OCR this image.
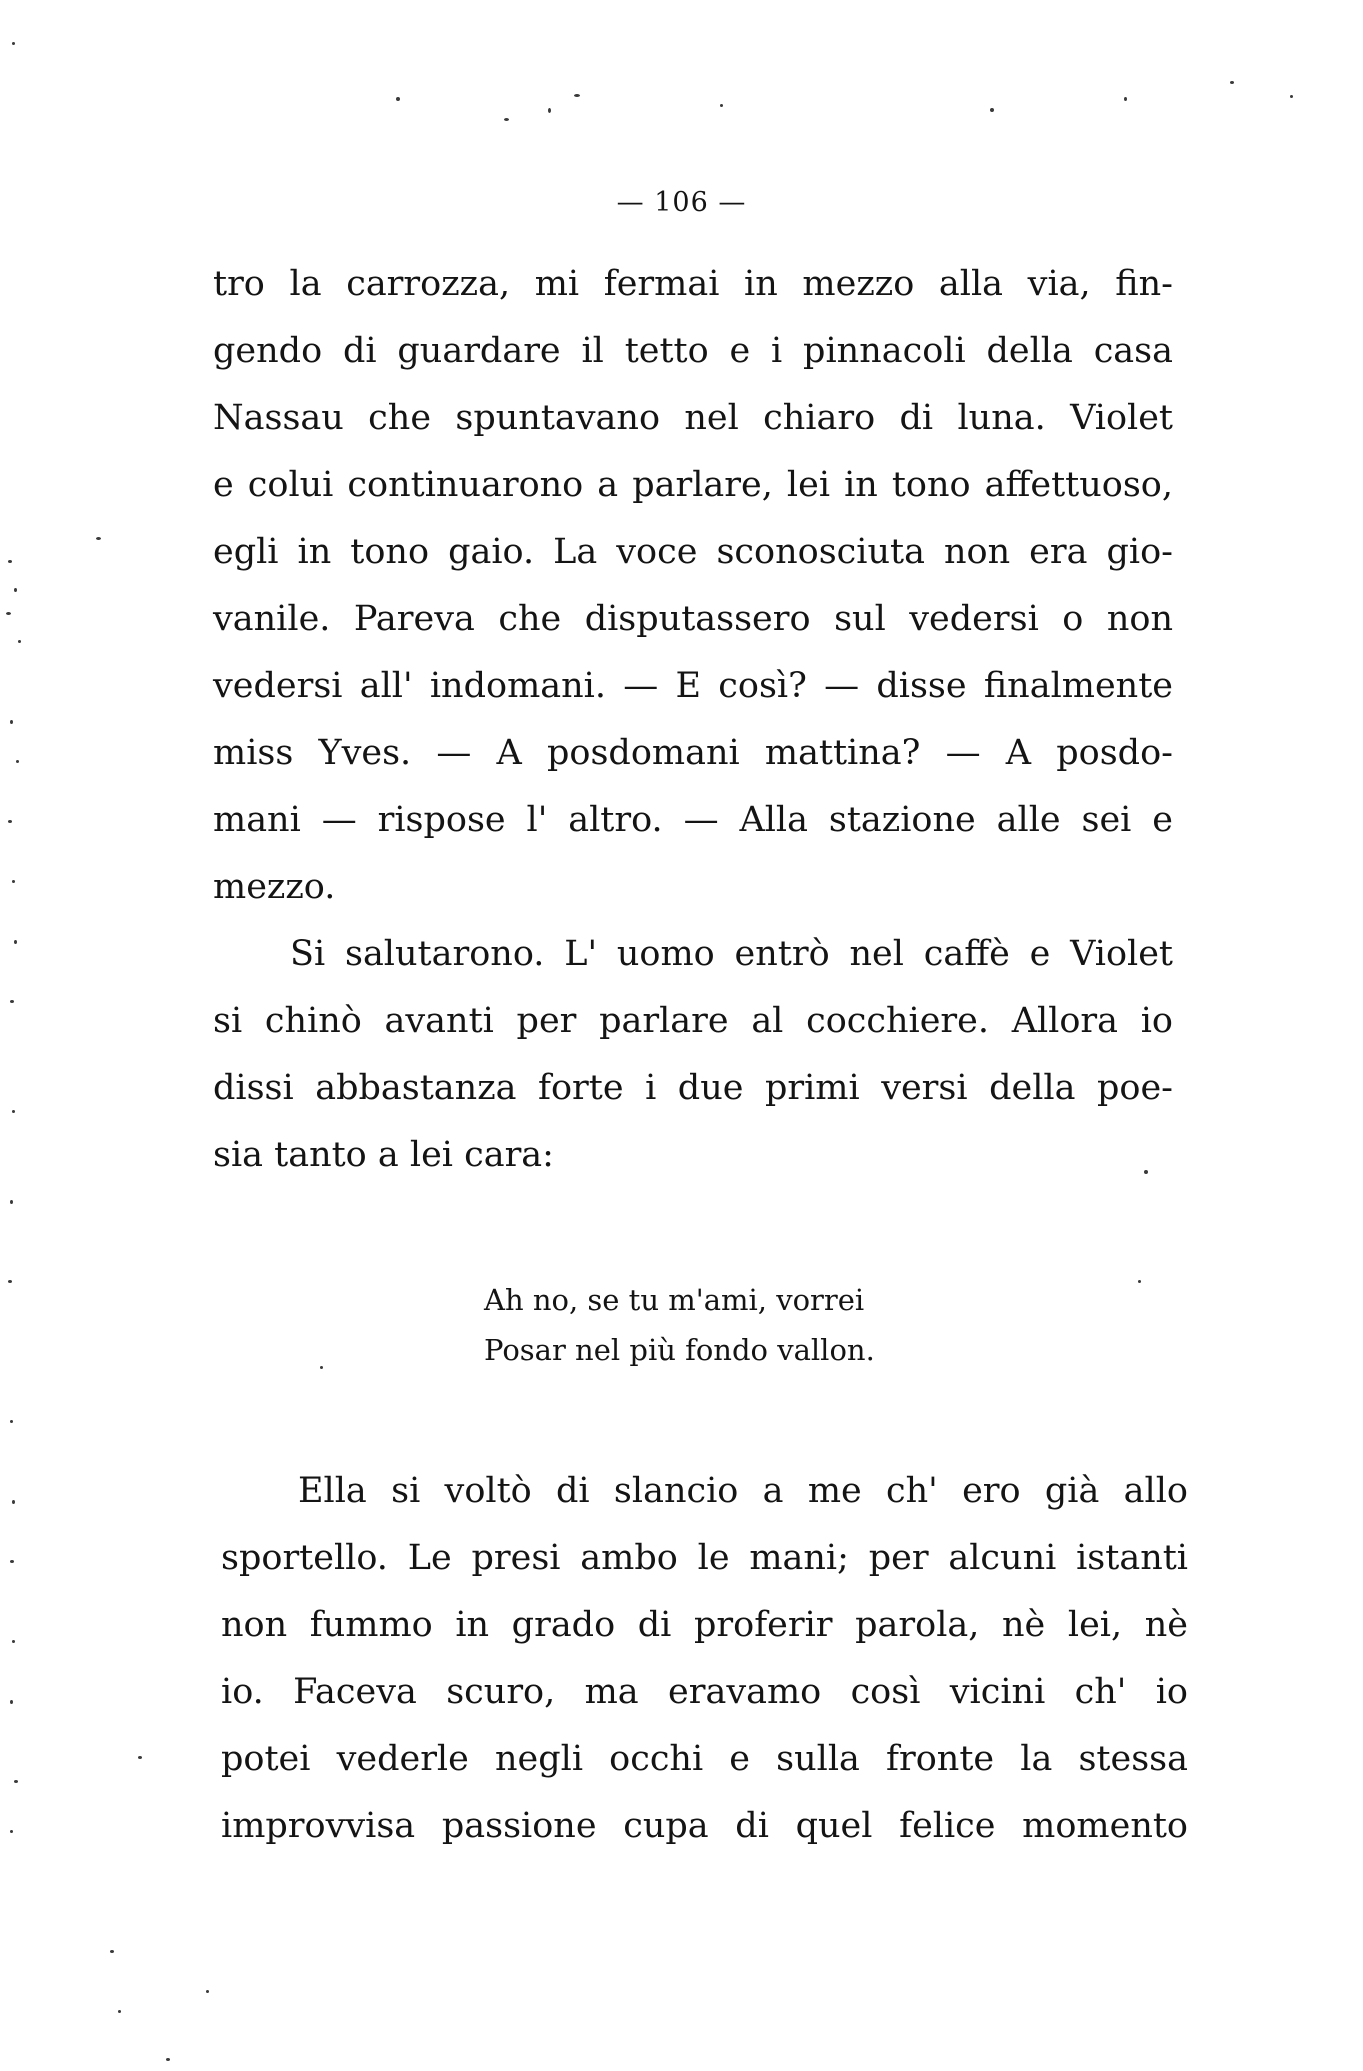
— 106 —

tro la carrozza, mi fermai in mezzo alla via, fin-

gendo di guardare il tetto e i pinnacoli della casa

Nassau che spuntavano nel chiaro di luna. Violet

e colui continuarono a parlare, lei in tono affettuoso,

egli in tono gaio. La voce sconosciuta non era gio-

vanile. Pareva che disputassero sul vedersi o non

vedersi all' indomani. — E così? — disse finalmente

miss Yves. — A posdomani mattina? — A posdo-

mani — rispose l' altro. — Alla stazione alle sei e

mezzo.

Si salutarono. L' uomo entrò nel caffè e Violet

si chinò avanti per parlare al cocchiere. Allora io

dissi abbastanza forte i due primi versi della poe-

sia tanto a lei cara:

Ah no, se tu m'ami, vorrei

Posar nel più fondo vallon.

Ella si voltò di slancio a me ch' ero già allo

sportello. Le presi ambo le mani; per alcuni istanti

non fummo in grado di proferir parola, nè lei, nè

io. Faceva scuro, ma eravamo così vicini ch' io

potei vederle negli occhi e sulla fronte la stessa

improvvisa passione cupa di quel felice momento
